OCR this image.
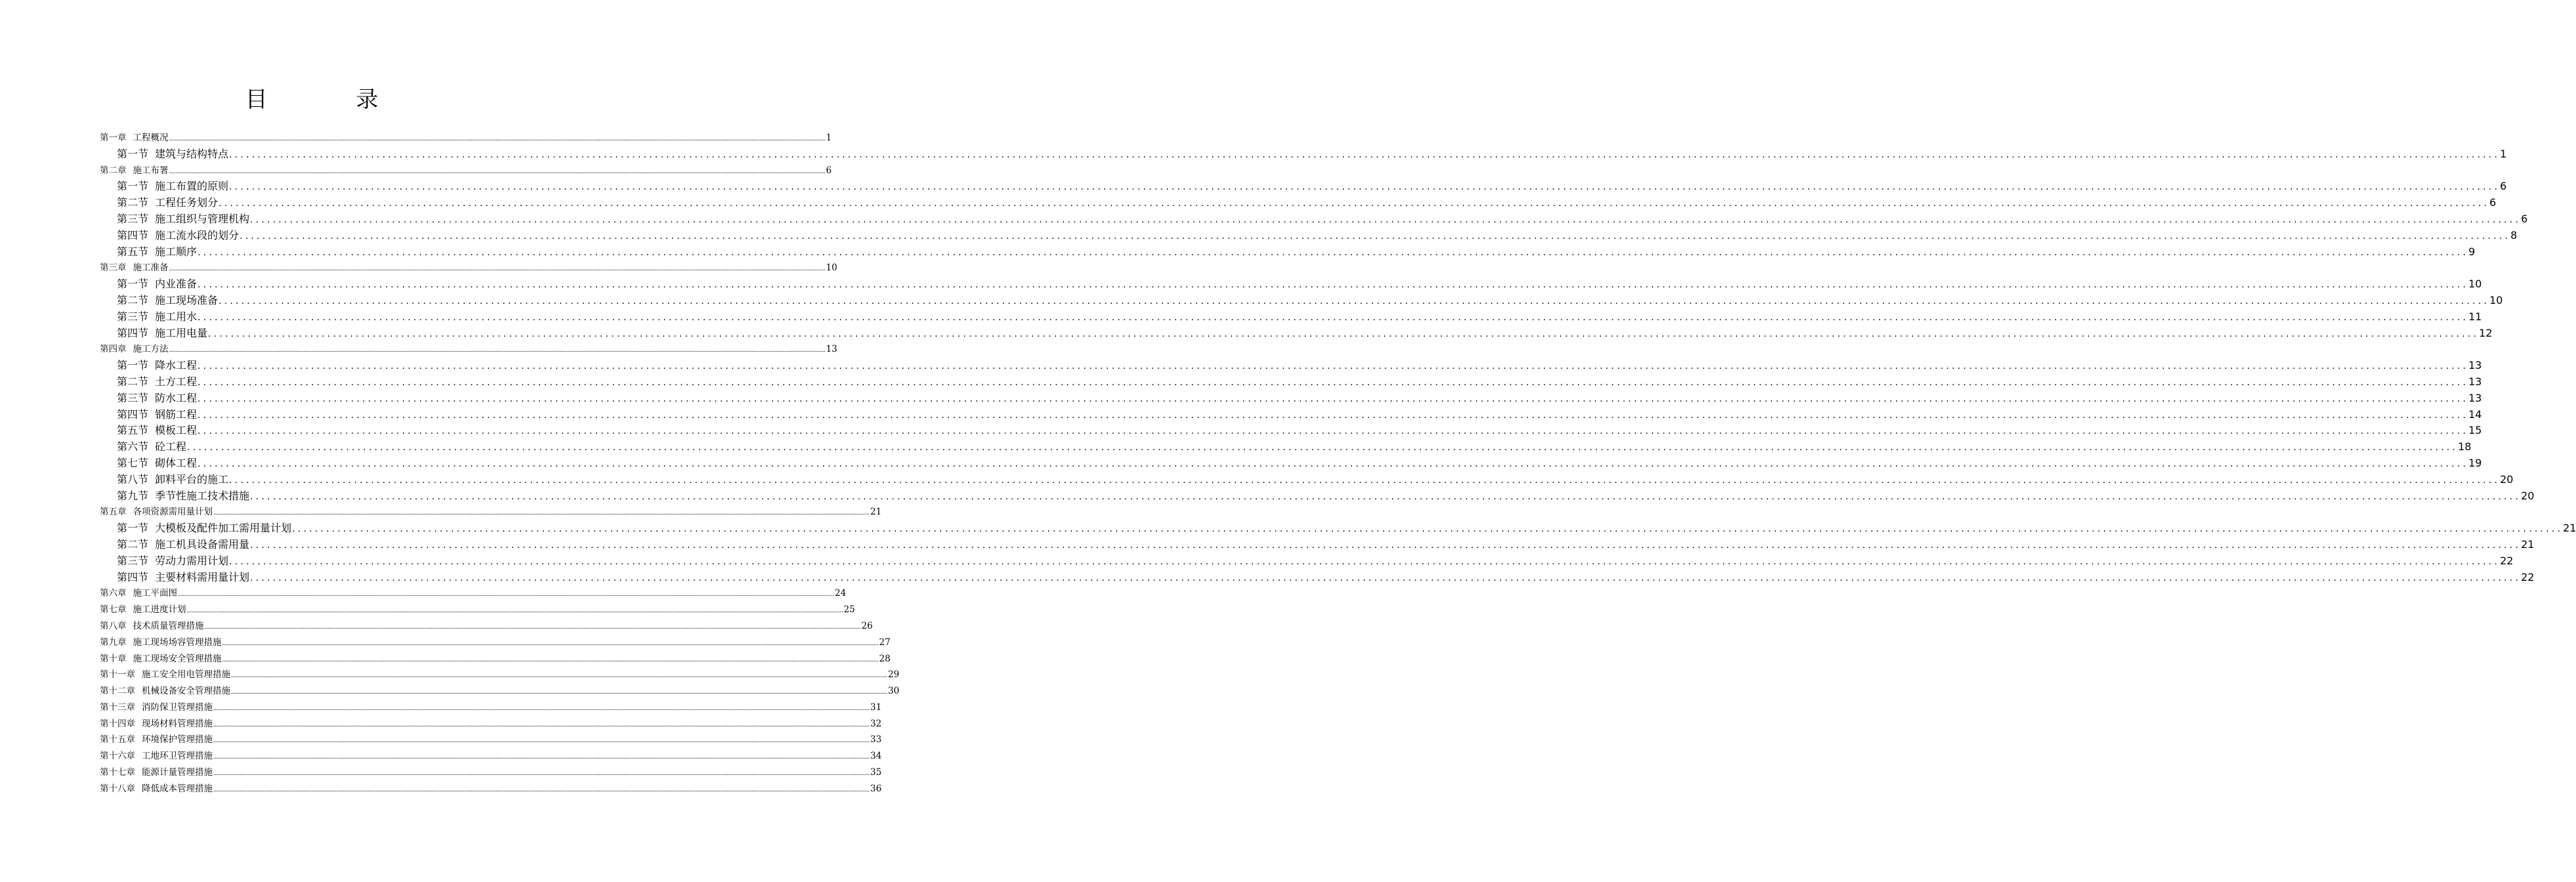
目 录
第一章 工程概况 ................................................................................................................................................................................................................................................................................................................................................................................................................ 1
第一节 建筑与结构特点 ................................................................................................................................................................................................................................................................................................................................................................................................................ 1
第二章 施工布署 ................................................................................................................................................................................................................................................................................................................................................................................................................ 6
第一节 施工布置的原则 ................................................................................................................................................................................................................................................................................................................................................................................................................ 6
第二节 工程任务划分 ................................................................................................................................................................................................................................................................................................................................................................................................................ 6
第三节 施工组织与管理机构 ................................................................................................................................................................................................................................................................................................................................................................................................................ 6
第四节 施工流水段的划分 ................................................................................................................................................................................................................................................................................................................................................................................................................ 8
第五节 施工顺序 ................................................................................................................................................................................................................................................................................................................................................................................................................ 9
第三章 施工准备 ................................................................................................................................................................................................................................................................................................................................................................................................................ 10
第一节 内业准备 ................................................................................................................................................................................................................................................................................................................................................................................................................ 10
第二节 施工现场准备 ................................................................................................................................................................................................................................................................................................................................................................................................................ 10
第三节 施工用水 ................................................................................................................................................................................................................................................................................................................................................................................................................ 11
第四节 施工用电量 ................................................................................................................................................................................................................................................................................................................................................................................................................ 12
第四章 施工方法 ................................................................................................................................................................................................................................................................................................................................................................................................................ 13
第一节 降水工程 ................................................................................................................................................................................................................................................................................................................................................................................................................ 13
第二节 土方工程 ................................................................................................................................................................................................................................................................................................................................................................................................................ 13
第三节 防水工程 ................................................................................................................................................................................................................................................................................................................................................................................................................ 13
第四节 钢筋工程 ................................................................................................................................................................................................................................................................................................................................................................................................................ 14
第五节 模板工程 ................................................................................................................................................................................................................................................................................................................................................................................................................ 15
第六节 砼工程 ................................................................................................................................................................................................................................................................................................................................................................................................................ 18
第七节 砌体工程 ................................................................................................................................................................................................................................................................................................................................................................................................................ 19
第八节 卸料平台的施工 ................................................................................................................................................................................................................................................................................................................................................................................................................ 20
第九节 季节性施工技术措施 ................................................................................................................................................................................................................................................................................................................................................................................................................ 20
第五章 各项资源需用量计划 ................................................................................................................................................................................................................................................................................................................................................................................................................ 21
第一节 大模板及配件加工需用量计划 ................................................................................................................................................................................................................................................................................................................................................................................................................ 21
第二节 施工机具设备需用量 ................................................................................................................................................................................................................................................................................................................................................................................................................ 21
第三节 劳动力需用计划 ................................................................................................................................................................................................................................................................................................................................................................................................................ 22
第四节 主要材料需用量计划 ................................................................................................................................................................................................................................................................................................................................................................................................................ 22
第六章 施工平面图 ................................................................................................................................................................................................................................................................................................................................................................................................................ 24
第七章 施工进度计划 ................................................................................................................................................................................................................................................................................................................................................................................................................ 25
第八章 技术质量管理措施 ................................................................................................................................................................................................................................................................................................................................................................................................................ 26
第九章 施工现场场容管理措施 ................................................................................................................................................................................................................................................................................................................................................................................................................ 27
第十章 施工现场安全管理措施 ................................................................................................................................................................................................................................................................................................................................................................................................................ 28
第十一章 施工安全用电管理措施 ................................................................................................................................................................................................................................................................................................................................................................................................................ 29
第十二章 机械设备安全管理措施 ................................................................................................................................................................................................................................................................................................................................................................................................................ 30
第十三章 消防保卫管理措施 ................................................................................................................................................................................................................................................................................................................................................................................................................ 31
第十四章 现场材料管理措施 ................................................................................................................................................................................................................................................................................................................................................................................................................ 32
第十五章 环境保护管理措施 ................................................................................................................................................................................................................................................................................................................................................................................................................ 33
第十六章 工地环卫管理措施 ................................................................................................................................................................................................................................................................................................................................................................................................................ 34
第十七章 能源计量管理措施 ................................................................................................................................................................................................................................................................................................................................................................................................................ 35
第十八章 降低成本管理措施 ................................................................................................................................................................................................................................................................................................................................................................................................................ 36
